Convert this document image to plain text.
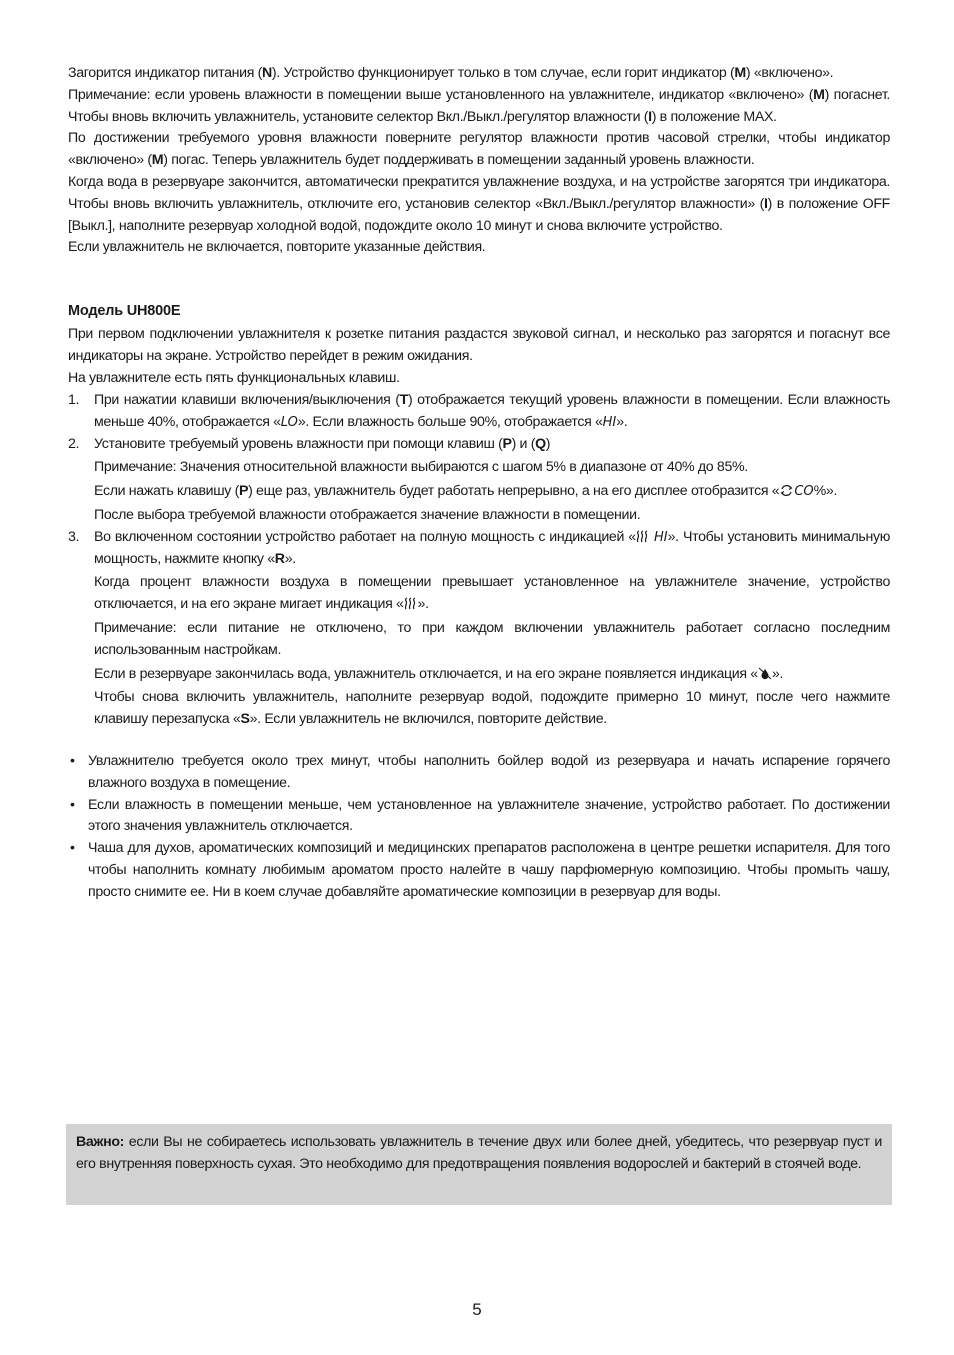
Загорится индикатор питания (N). Устройство функционирует только в том случае, если горит индикатор (M) «включено».

Примечание: если уровень влажности в помещении выше установленного на увлажнителе, индикатор «включено» (M) погаснет. Чтобы вновь включить увлажнитель, установите селектор Вкл./Выкл./регулятор влажности (I) в положение MAX.

По достижении требуемого уровня влажности поверните регулятор влажности против часовой стрелки, чтобы индикатор «включено» (M) погас. Теперь увлажнитель будет поддерживать в помещении заданный уровень влажности.

Когда вода в резервуаре закончится, автоматически прекратится увлажнение воздуха, и на устройстве загорятся три индикатора. Чтобы вновь включить увлажнитель, отключите его, установив селектор «Вкл./Выкл./регулятор влажности» (I) в положение OFF [Выкл.], наполните резервуар холодной водой, подождите около 10 минут и снова включите устройство.

Если увлажнитель не включается, повторите указанные действия.

Модель UH800E

При первом подключении увлажнителя к розетке питания раздастся звуковой сигнал, и несколько раз загорятся и погаснут все индикаторы на экране. Устройство перейдет в режим ожидания.

На увлажнителе есть пять функциональных клавиш.

1. При нажатии клавиши включения/выключения (T) отображается текущий уровень влажности в помещении. Если влажность меньше 40%, отображается «LO». Если влажность больше 90%, отображается «HI».

2. Установите требуемый уровень влажности при помощи клавиш (P) и (Q)

Примечание: Значения относительной влажности выбираются с шагом 5% в диапазоне от 40% до 85%.

Если нажать клавишу (P) еще раз, увлажнитель будет работать непрерывно, а на его дисплее отобразится « CO%».

После выбора требуемой влажности отображается значение влажности в помещении.

3. Во включенном состоянии устройство работает на полную мощность с индикацией « HI». Чтобы установить минимальную мощность, нажмите кнопку «R».

Когда процент влажности воздуха в помещении превышает установленное на увлажнителе значение, устройство отключается, и на его экране мигает индикация « ».

Примечание: если питание не отключено, то при каждом включении увлажнитель работает согласно последним использованным настройкам.

Если в резервуаре закончилась вода, увлажнитель отключается, и на его экране появляется индикация « ».

Чтобы снова включить увлажнитель, наполните резервуар водой, подождите примерно 10 минут, после чего нажмите клавишу перезапуска «S». Если увлажнитель не включился, повторите действие.

• Увлажнителю требуется около трех минут, чтобы наполнить бойлер водой из резервуара и начать испарение горячего влажного воздуха в помещение.
• Если влажность в помещении меньше, чем установленное на увлажнителе значение, устройство работает. По достижении этого значения увлажнитель отключается.
• Чаша для духов, ароматических композиций и медицинских препаратов расположена в центре решетки испарителя. Для того чтобы наполнить комнату любимым ароматом просто налейте в чашу парфюмерную композицию. Чтобы промыть чашу, просто снимите ее. Ни в коем случае добавляйте ароматические композиции в резервуар для воды.

Важно: если Вы не собираетесь использовать увлажнитель в течение двух или более дней, убедитесь, что резервуар пуст и его внутренняя поверхность сухая. Это необходимо для предотвращения появления водорослей и бактерий в стоячей воде.

5
